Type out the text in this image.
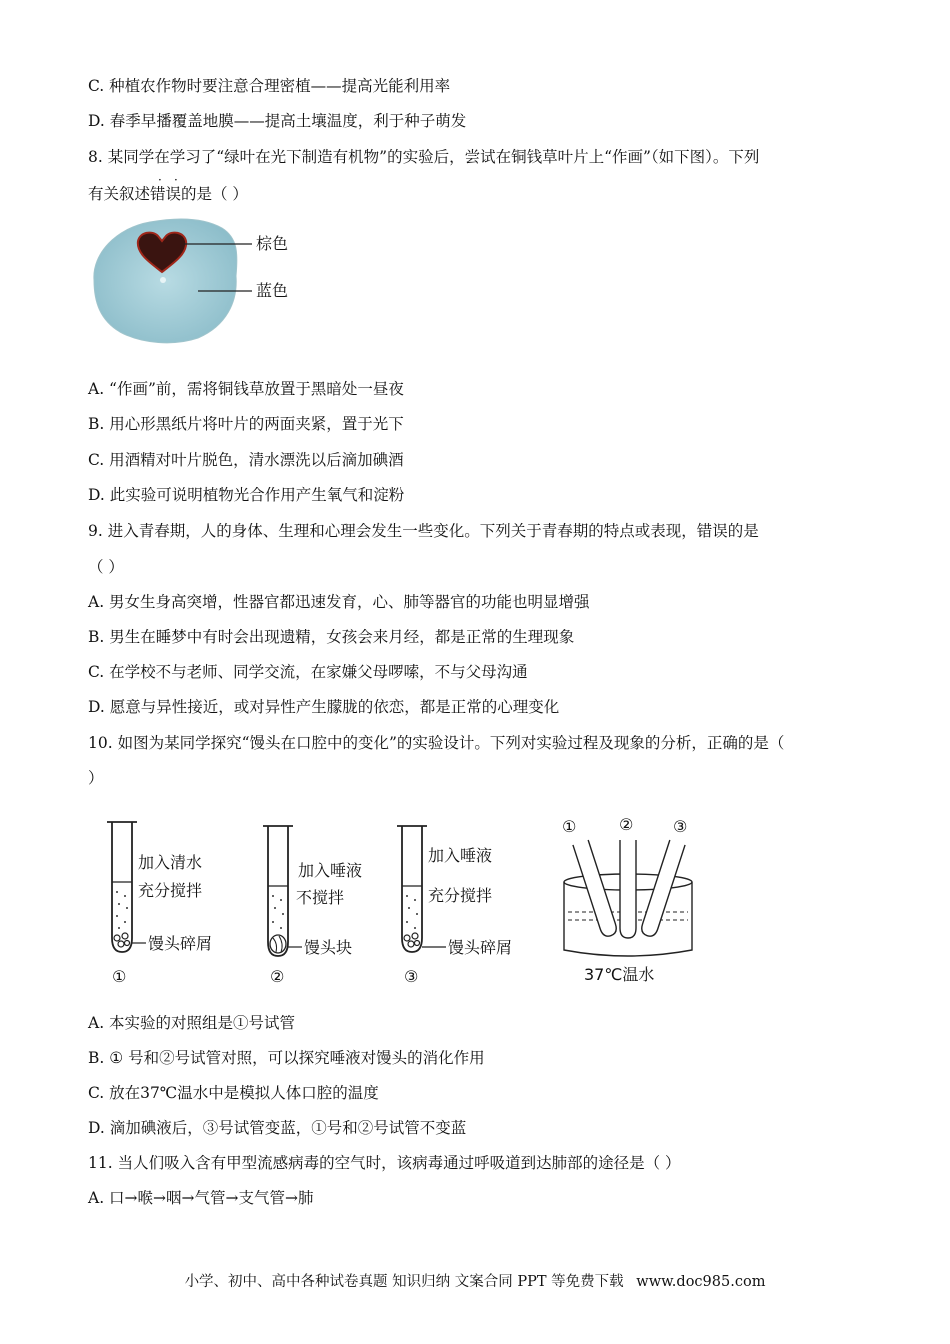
C. 种植农作物时要注意合理密植——提高光能利用率
D. 春季早播覆盖地膜——提高土壤温度，利于种子萌发
8. 某同学在学习了“绿叶在光下制造有机物”的实验后，尝试在铜钱草叶片上“作画”（如下图）。下列
· ·
有关叙述错误的是（ ）
棕色
蓝色
A. “作画”前，需将铜钱草放置于黑暗处一昼夜
B. 用心形黑纸片将叶片的两面夹紧，置于光下
C. 用酒精对叶片脱色，清水漂洗以后滴加碘酒
D. 此实验可说明植物光合作用产生氧气和淀粉
9. 进入青春期，人的身体、生理和心理会发生一些变化。下列关于青春期的特点或表现，错误的是
（ ）
A. 男女生身高突增，性器官都迅速发育，心、肺等器官的功能也明显增强
B. 男生在睡梦中有时会出现遗精，女孩会来月经，都是正常的生理现象
C. 在学校不与老师、同学交流，在家嫌父母啰嗦，不与父母沟通
D. 愿意与异性接近，或对异性产生朦胧的依恋，都是正常的心理变化
10. 如图为某同学探究“馒头在口腔中的变化”的实验设计。下列对实验过程及现象的分析，正确的是（
）
加入清水
充分搅拌
馒头碎屑
①
加入唾液
不搅拌
馒头块
②
加入唾液
充分搅拌
馒头碎屑
③
①	② ③
37℃温水
A. 本实验的对照组是①号试管
B. ① 号和②号试管对照，可以探究唾液对馒头的消化作用
C. 放在37℃温水中是模拟人体口腔的温度
D. 滴加碘液后，③号试管变蓝，①号和②号试管不变蓝
11. 当人们吸入含有甲型流感病毒的空气时，该病毒通过呼吸道到达肺部的途径是（ ）
A. 口→喉→咽→气管→支气管→肺
小学、初中、高中各种试卷真题 知识归纳 文案合同 PPT 等免费下载 www.doc985.com
